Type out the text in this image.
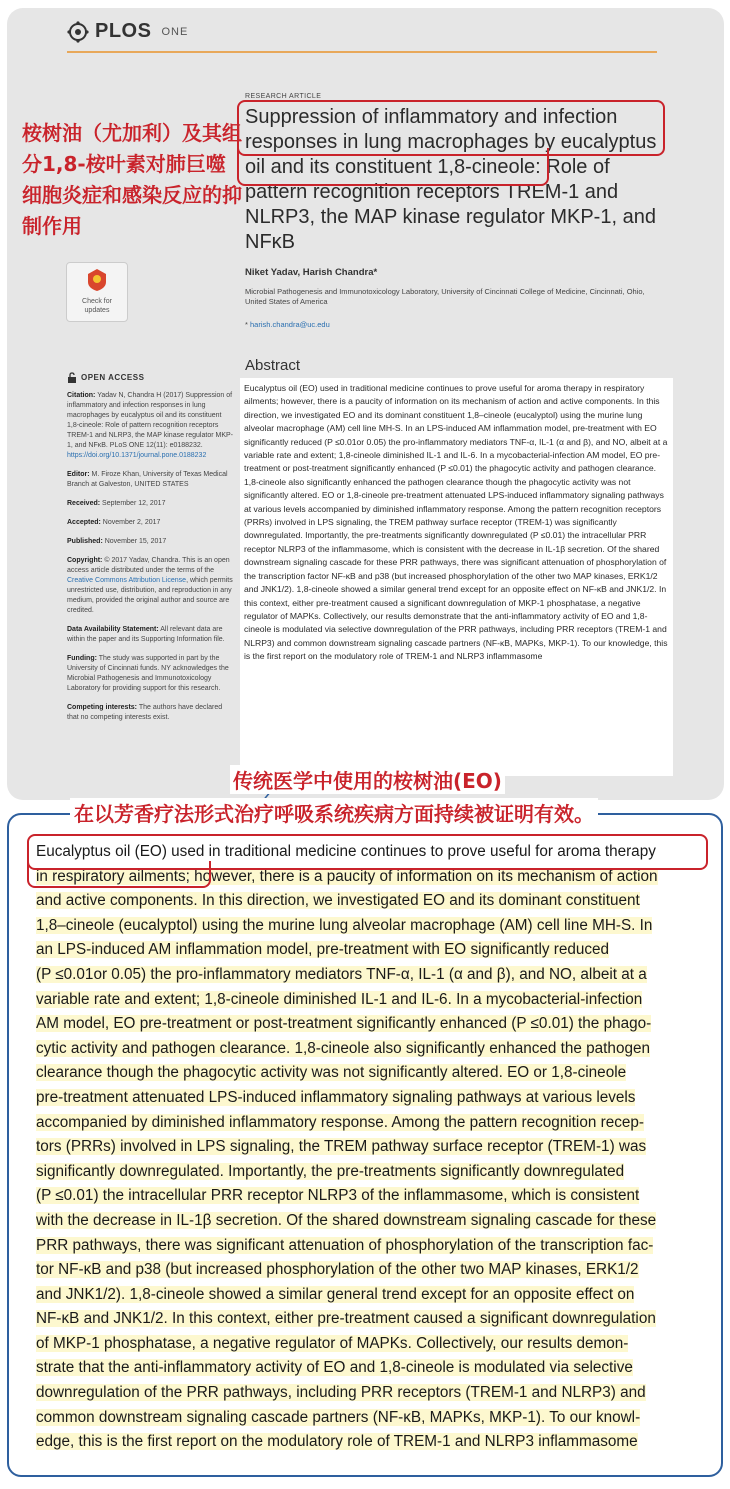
PLOS ONE
RESEARCH ARTICLE
Suppression of inflammatory and infection responses in lung macrophages by eucalyptus oil and its constituent 1,8-cineole: Role of pattern recognition receptors TREM-1 and NLRP3, the MAP kinase regulator MKP-1, and NFκB
桉树油（尤加利）及其组分1,8-桉叶素对肺巨噬细胞炎症和感染反应的抑制作用
Check for
updates
Niket Yadav, Harish Chandra*
Microbial Pathogenesis and Immunotoxicology Laboratory, University of Cincinnati College of Medicine, Cincinnati, Ohio, United States of America
* harish.chandra@uc.edu
OPEN ACCESS
Citation: Yadav N, Chandra H (2017) Suppression of inflammatory and infection responses in lung macrophages by eucalyptus oil and its constituent 1,8-cineole: Role of pattern recognition receptors TREM-1 and NLRP3, the MAP kinase regulator MKP-1, and NFκB. PLoS ONE 12(11): e0188232. https://doi.org/10.1371/journal.pone.0188232
Editor: M. Firoze Khan, University of Texas Medical Branch at Galveston, UNITED STATES
Received: September 12, 2017
Accepted: November 2, 2017
Published: November 15, 2017
Copyright: © 2017 Yadav, Chandra. This is an open access article distributed under the terms of the Creative Commons Attribution License, which permits unrestricted use, distribution, and reproduction in any medium, provided the original author and source are credited.
Data Availability Statement: All relevant data are within the paper and its Supporting Information file.
Funding: The study was supported in part by the University of Cincinnati funds. NY acknowledges the Microbial Pathogenesis and Immunotoxicology Laboratory for providing support for this research.
Competing interests: The authors have declared that no competing interests exist.
Abstract

Eucalyptus oil (EO) used in traditional medicine continues to prove useful for aroma therapy in respiratory ailments; however, there is a paucity of information on its mechanism of action and active components. In this direction, we investigated EO and its dominant constituent 1,8–cineole (eucalyptol) using the murine lung alveolar macrophage (AM) cell line MH-S. In an LPS-induced AM inflammation model, pre-treatment with EO significantly reduced (P ≤0.01or 0.05) the pro-inflammatory mediators TNF-α, IL-1 (α and β), and NO, albeit at a variable rate and extent; 1,8-cineole diminished IL-1 and IL-6. In a mycobacterial-infection AM model, EO pre-treatment or post-treatment significantly enhanced (P ≤0.01) the phagocytic activity and pathogen clearance. 1,8-cineole also significantly enhanced the pathogen clearance though the phagocytic activity was not significantly altered. EO or 1,8-cineole pre-treatment attenuated LPS-induced inflammatory signaling pathways at various levels accompanied by diminished inflammatory response. Among the pattern recognition receptors (PRRs) involved in LPS signaling, the TREM pathway surface receptor (TREM-1) was significantly downregulated. Importantly, the pre-treatments significantly downregulated (P ≤0.01) the intracellular PRR receptor NLRP3 of the inflammasome, which is consistent with the decrease in IL-1β secretion. Of the shared downstream signaling cascade for these PRR pathways, there was significant attenuation of phosphorylation of the transcription factor NF-κB and p38 (but increased phosphorylation of the other two MAP kinases, ERK1/2 and JNK1/2). 1,8-cineole showed a similar general trend except for an opposite effect on NF-κB and JNK1/2. In this context, either pre-treatment caused a significant downregulation of MKP-1 phosphatase, a negative regulator of MAPKs. Collectively, our results demonstrate that the anti-inflammatory activity of EO and 1,8-cineole is modulated via selective downregulation of the PRR pathways, including PRR receptors (TREM-1 and NLRP3) and common downstream signaling cascade partners (NF-κB, MAPKs, MKP-1). To our knowledge, this is the first report on the modulatory role of TREM-1 and NLRP3 inflammasome

传统医学中使用的桉树油(EO)
在以芳香疗法形式治疗呼吸系统疾病方面持续被证明有效。
Eucalyptus oil (EO) used in traditional medicine continues to prove useful for aroma therapy
in respiratory ailments; however, there is a paucity of information on its mechanism of action
and active components. In this direction, we investigated EO and its dominant constituent
1,8–cineole (eucalyptol) using the murine lung alveolar macrophage (AM) cell line MH-S. In
an LPS-induced AM inflammation model, pre-treatment with EO significantly reduced
(P ≤0.01or 0.05) the pro-inflammatory mediators TNF-α, IL-1 (α and β), and NO, albeit at a
variable rate and extent; 1,8-cineole diminished IL-1 and IL-6. In a mycobacterial-infection
AM model, EO pre-treatment or post-treatment significantly enhanced (P ≤0.01) the phago-
cytic activity and pathogen clearance. 1,8-cineole also significantly enhanced the pathogen
clearance though the phagocytic activity was not significantly altered. EO or 1,8-cineole
pre-treatment attenuated LPS-induced inflammatory signaling pathways at various levels
accompanied by diminished inflammatory response. Among the pattern recognition recep-
tors (PRRs) involved in LPS signaling, the TREM pathway surface receptor (TREM-1) was
significantly downregulated. Importantly, the pre-treatments significantly downregulated
(P ≤0.01) the intracellular PRR receptor NLRP3 of the inflammasome, which is consistent
with the decrease in IL-1β secretion. Of the shared downstream signaling cascade for these
PRR pathways, there was significant attenuation of phosphorylation of the transcription fac-
tor NF-κB and p38 (but increased phosphorylation of the other two MAP kinases, ERK1/2
and JNK1/2). 1,8-cineole showed a similar general trend except for an opposite effect on
NF-κB and JNK1/2. In this context, either pre-treatment caused a significant downregulation
of MKP-1 phosphatase, a negative regulator of MAPKs. Collectively, our results demon-
strate that the anti-inflammatory activity of EO and 1,8-cineole is modulated via selective
downregulation of the PRR pathways, including PRR receptors (TREM-1 and NLRP3) and
common downstream signaling cascade partners (NF-κB, MAPKs, MKP-1). To our knowl-
edge, this is the first report on the modulatory role of TREM-1 and NLRP3 inflammasome
